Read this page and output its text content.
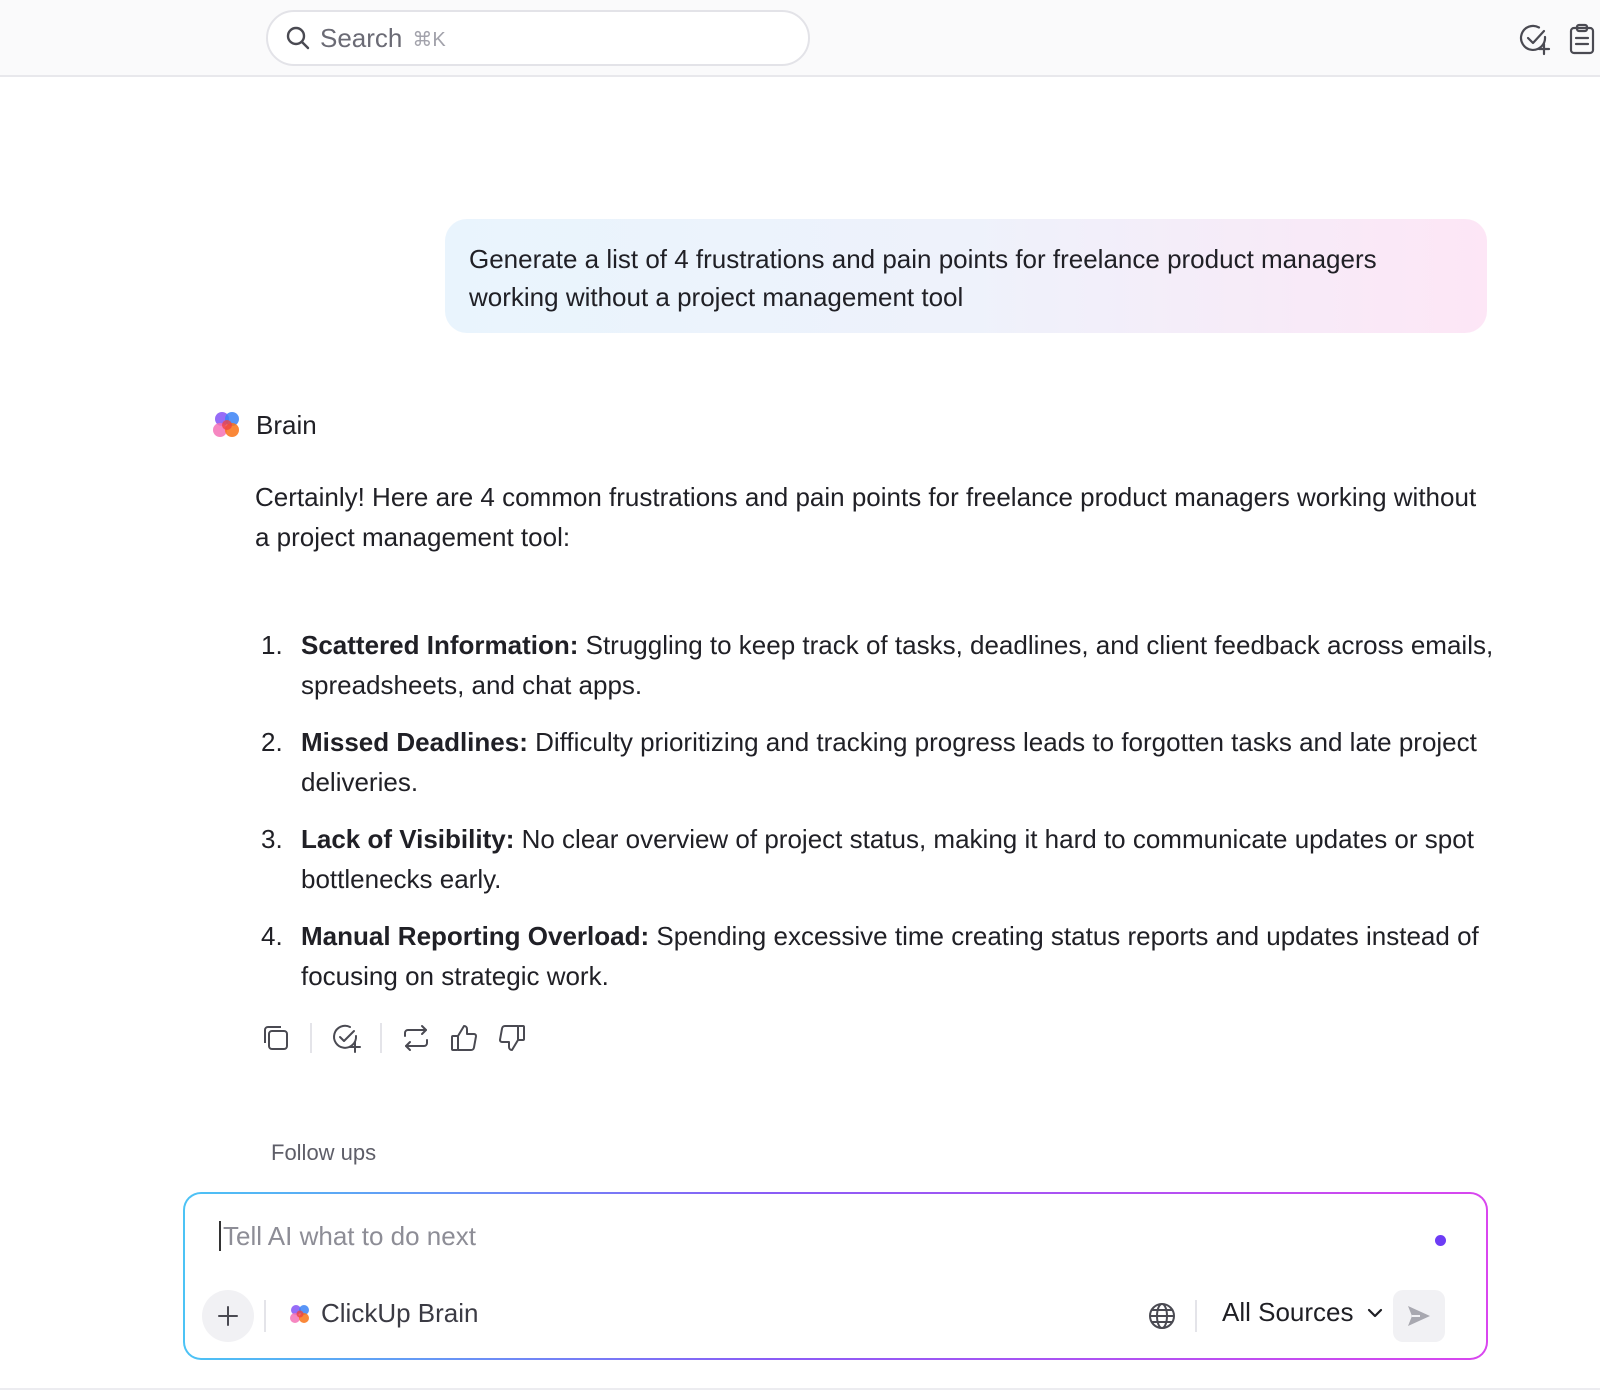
Search ⌘K
Generate a list of 4 frustrations and pain points for freelance product managers working without a project management tool
Brain
Certainly! Here are 4 common frustrations and pain points for freelance product managers working without a project management tool:
1. Scattered Information: Struggling to keep track of tasks, deadlines, and client feedback across emails, spreadsheets, and chat apps.
2. Missed Deadlines: Difficulty prioritizing and tracking progress leads to forgotten tasks and late project deliveries.
3. Lack of Visibility: No clear overview of project status, making it hard to communicate updates or spot bottlenecks early.
4. Manual Reporting Overload: Spending excessive time creating status reports and updates instead of focusing on strategic work.
Follow ups
Tell AI what to do next
ClickUp Brain	All Sources
